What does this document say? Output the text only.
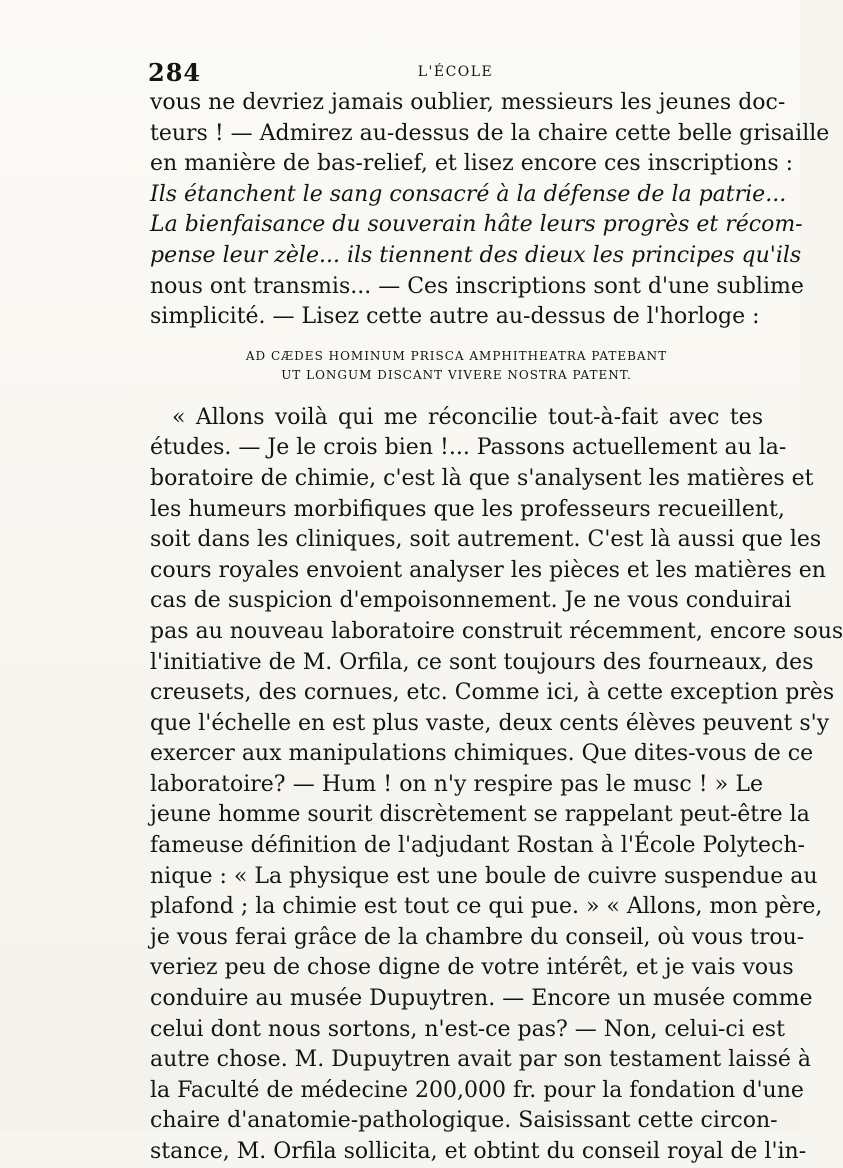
284	L'ÉCOLE
vous ne devriez jamais oublier, messieurs les jeunes doc-
teurs ! — Admirez au-dessus de la chaire cette belle grisaille
en manière de bas-relief, et lisez encore ces inscriptions :
Ils étanchent le sang consacré à la défense de la patrie...
La bienfaisance du souverain hâte leurs progrès et récom-
pense leur zèle... ils tiennent des dieux les principes qu'ils
nous ont transmis... — Ces inscriptions sont d'une sublime
simplicité. — Lisez cette autre au-dessus de l'horloge :
AD CÆDES HOMINUM PRISCA AMPHITHEATRA PATEBANT
UT LONGUM DISCANT VIVERE NOSTRA PATENT.
« Allons voilà qui me réconcilie tout-à-fait avec tes
études. — Je le crois bien !... Passons actuellement au la-
boratoire de chimie, c'est là que s'analysent les matières et
les humeurs morbifiques que les professeurs recueillent,
soit dans les cliniques, soit autrement. C'est là aussi que les
cours royales envoient analyser les pièces et les matières en
cas de suspicion d'empoisonnement. Je ne vous conduirai
pas au nouveau laboratoire construit récemment, encore sous
l'initiative de M. Orfila, ce sont toujours des fourneaux, des
creusets, des cornues, etc. Comme ici, à cette exception près
que l'échelle en est plus vaste, deux cents élèves peuvent s'y
exercer aux manipulations chimiques. Que dites-vous de ce
laboratoire? — Hum ! on n'y respire pas le musc ! » Le
jeune homme sourit discrètement se rappelant peut-être la
fameuse définition de l'adjudant Rostan à l'École Polytech-
nique : « La physique est une boule de cuivre suspendue au
plafond ; la chimie est tout ce qui pue. » « Allons, mon père,
je vous ferai grâce de la chambre du conseil, où vous trou-
veriez peu de chose digne de votre intérêt, et je vais vous
conduire au musée Dupuytren. — Encore un musée comme
celui dont nous sortons, n'est-ce pas? — Non, celui-ci est
autre chose. M. Dupuytren avait par son testament laissé à
la Faculté de médecine 200,000 fr. pour la fondation d'une
chaire d'anatomie-pathologique. Saisissant cette circon-
stance, M. Orfila sollicita, et obtint du conseil royal de l'in-
